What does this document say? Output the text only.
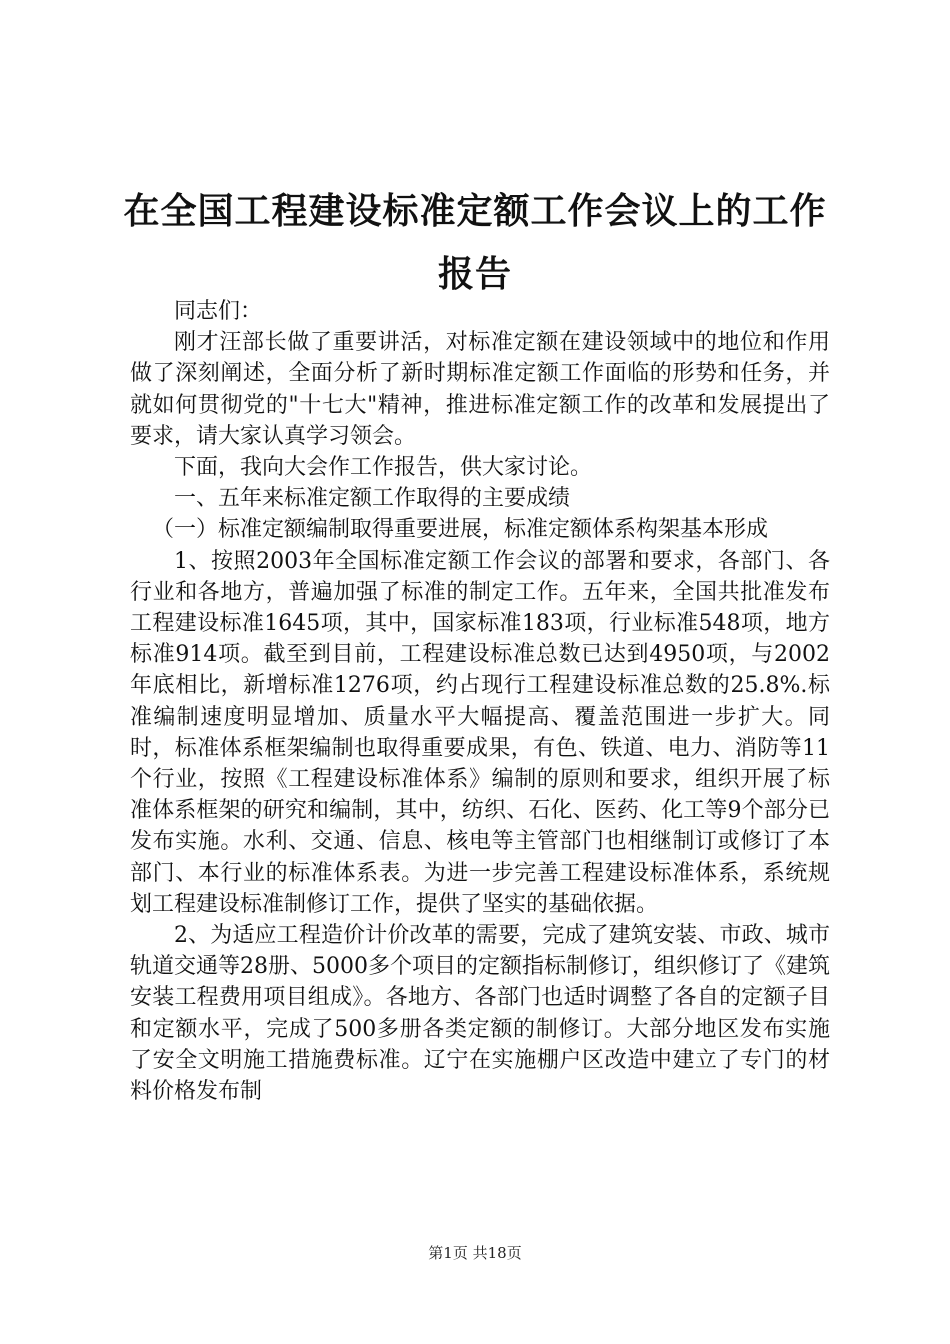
在全国工程建设标准定额工作会议上的工作报告

同志们：

刚才汪部长做了重要讲活，对标准定额在建设领域中的地位和作用做了深刻阐述，全面分析了新时期标准定额工作面临的形势和任务，并就如何贯彻党的"十七大"精神，推进标准定额工作的改革和发展提出了要求，请大家认真学习领会。

下面，我向大会作工作报告，供大家讨论。

一、五年来标准定额工作取得的主要成绩

（一）标准定额编制取得重要进展，标准定额体系构架基本形成

1、按照2003年全国标准定额工作会议的部署和要求，各部门、各行业和各地方，普遍加强了标准的制定工作。五年来，全国共批准发布工程建设标准1645项，其中，国家标准183项，行业标准548项，地方标准914项。截至到目前，工程建设标准总数已达到4950项，与2002年底相比，新增标准1276项，约占现行工程建设标准总数的25.8%.标准编制速度明显增加、质量水平大幅提高、覆盖范围进一步扩大。同时，标准体系框架编制也取得重要成果，有色、铁道、电力、消防等11个行业，按照《工程建设标准体系》编制的原则和要求，组织开展了标准体系框架的研究和编制，其中，纺织、石化、医药、化工等9个部分已发布实施。水利、交通、信息、核电等主管部门也相继制订或修订了本部门、本行业的标准体系表。为进一步完善工程建设标准体系，系统规划工程建设标准制修订工作，提供了坚实的基础依据。

2、为适应工程造价计价改革的需要，完成了建筑安装、市政、城市轨道交通等28册、5000多个项目的定额指标制修订，组织修订了《建筑安装工程费用项目组成》。各地方、各部门也适时调整了各自的定额子目和定额水平，完成了500多册各类定额的制修订。大部分地区发布实施了安全文明施工措施费标准。辽宁在实施棚户区改造中建立了专门的材料价格发布制

第1页 共18页
